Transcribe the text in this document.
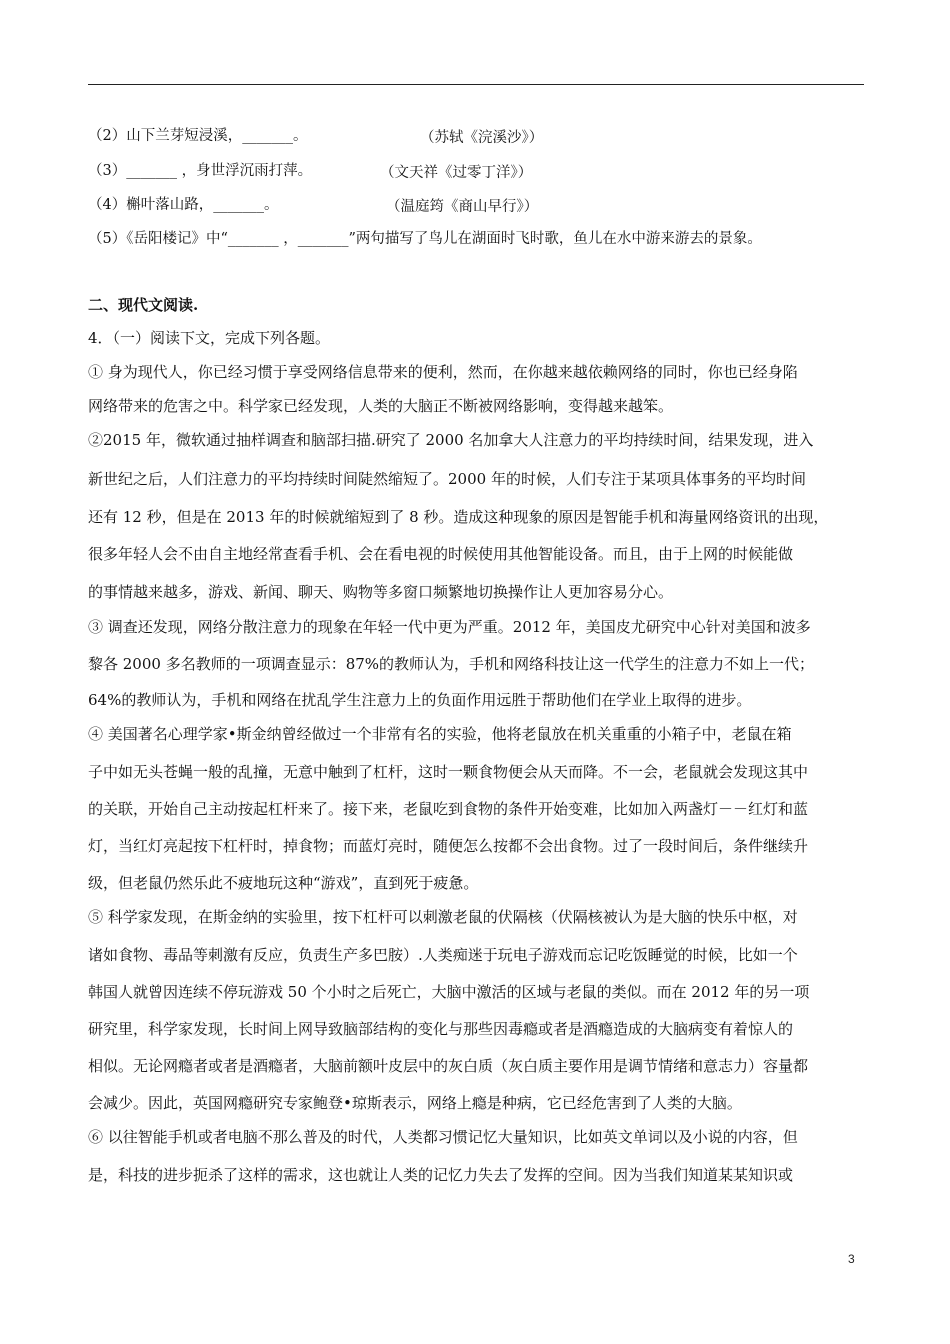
（2）山下兰芽短浸溪，_______。	（苏轼《浣溪沙》）
（3）_______ ，身世浮沉雨打萍。	（文天祥《过零丁洋》）
（4）槲叶落山路，_______。	（温庭筠《商山早行》）
（5）《岳阳楼记》中“_______ ，_______”两句描写了鸟儿在湖面时飞时歌，鱼儿在水中游来游去的景象。
二、现代文阅读.
4．（一）阅读下文，完成下列各题。
① 身为现代人，你已经习惯于享受网络信息带来的便利，然而，在你越来越依赖网络的同时，你也已经身陷
网络带来的危害之中。科学家已经发现，人类的大脑正不断被网络影响，变得越来越笨。
②2015 年，微软通过抽样调查和脑部扫描.研究了 2000 名加拿大人注意力的平均持续时间，结果发现，进入
新世纪之后，人们注意力的平均持续时间陡然缩短了。2000 年的时候，人们专注于某项具体事务的平均时间
还有 12 秒，但是在 2013 年的时候就缩短到了 8 秒。造成这种现象的原因是智能手机和海量网络资讯的出现，
很多年轻人会不由自主地经常查看手机、会在看电视的时候使用其他智能设备。而且，由于上网的时候能做
的事情越来越多，游戏、新闻、聊天、购物等多窗口频繁地切换操作让人更加容易分心。
③ 调查还发现，网络分散注意力的现象在年轻一代中更为严重。2012 年，美国皮尤研究中心针对美国和波多
黎各 2000 多名教师的一项调查显示：87%的教师认为，手机和网络科技让这一代学生的注意力不如上一代；
64%的教师认为，手机和网络在扰乱学生注意力上的负面作用远胜于帮助他们在学业上取得的进步。
④ 美国著名心理学家•斯金纳曾经做过一个非常有名的实验，他将老鼠放在机关重重的小箱子中，老鼠在箱
子中如无头苍蝇一般的乱撞，无意中触到了杠杆，这时一颗食物便会从天而降。不一会，老鼠就会发现这其中
的关联，开始自己主动按起杠杆来了。接下来，老鼠吃到食物的条件开始变难，比如加入两盏灯－－红灯和蓝
灯，当红灯亮起按下杠杆时，掉食物；而蓝灯亮时，随便怎么按都不会出食物。过了一段时间后，条件继续升
级，但老鼠仍然乐此不疲地玩这种“游戏”，直到死于疲惫。
⑤ 科学家发现，在斯金纳的实验里，按下杠杆可以刺激老鼠的伏隔核（伏隔核被认为是大脑的快乐中枢，对
诸如食物、毒品等刺激有反应，负责生产多巴胺）.人类痴迷于玩电子游戏而忘记吃饭睡觉的时候，比如一个
韩国人就曾因连续不停玩游戏 50 个小时之后死亡，大脑中激活的区域与老鼠的类似。而在 2012 年的另一项
研究里，科学家发现，长时间上网导致脑部结构的变化与那些因毒瘾或者是酒瘾造成的大脑病变有着惊人的
相似。无论网瘾者或者是酒瘾者，大脑前额叶皮层中的灰白质（灰白质主要作用是调节情绪和意志力）容量都
会减少。因此，英国网瘾研究专家鲍登•琼斯表示，网络上瘾是种病，它已经危害到了人类的大脑。
⑥ 以往智能手机或者电脑不那么普及的时代，人类都习惯记忆大量知识，比如英文单词以及小说的内容，但
是，科技的进步扼杀了这样的需求，这也就让人类的记忆力失去了发挥的空间。因为当我们知道某某知识或
3
